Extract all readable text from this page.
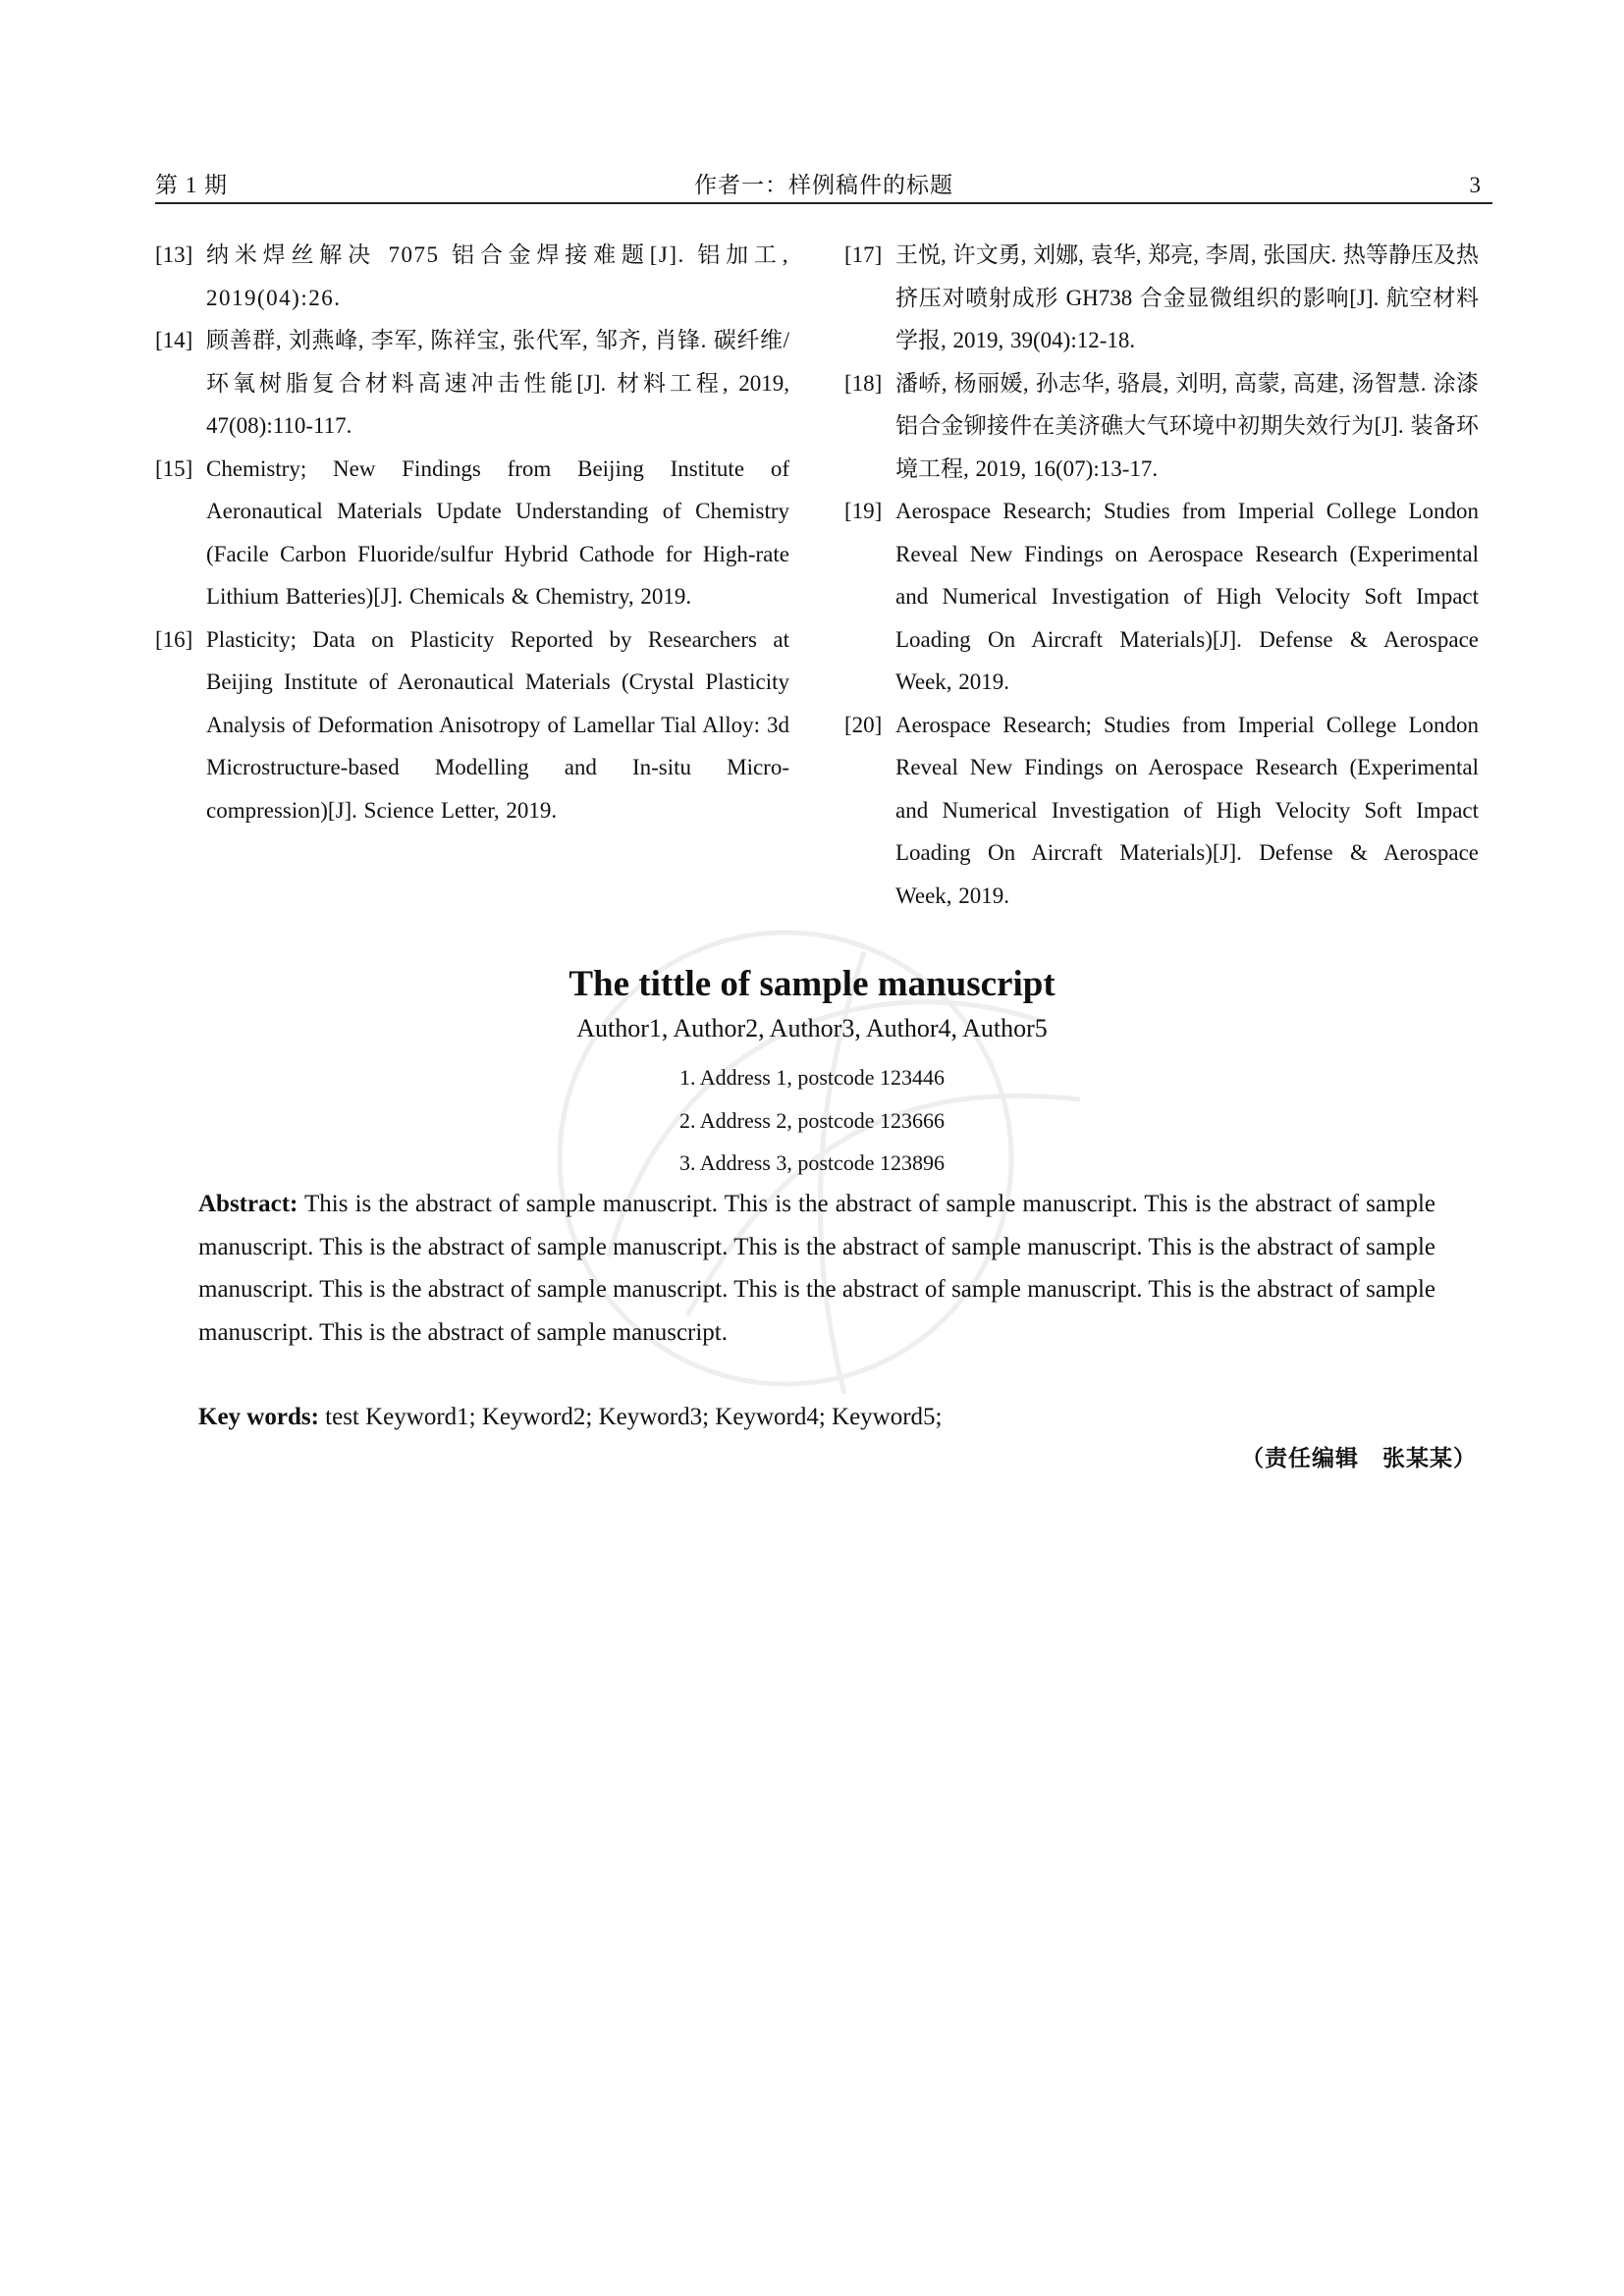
第 1 期	作者一：样例稿件的标题	3
[13] 纳米焊丝解决 7075 铝合金焊接难题[J]. 铝加工, 2019(04):26.
[14] 顾善群, 刘燕峰, 李军, 陈祥宝, 张代军, 邹齐, 肖锋. 碳纤维/环氧树脂复合材料高速冲击性能[J]. 材料工程, 2019, 47(08):110-117.
[15] Chemistry; New Findings from Beijing Institute of Aeronautical Materials Update Understanding of Chemistry (Facile Carbon Fluoride/sulfur Hybrid Cathode for High-rate Lithium Batteries)[J]. Chemicals & Chemistry, 2019.
[16] Plasticity; Data on Plasticity Reported by Researchers at Beijing Institute of Aeronautical Materials (Crystal Plasticity Analysis of Deformation Anisotropy of Lamellar Tial Alloy: 3d Microstructure-based Modelling and In-situ Micro-compression)[J]. Science Letter, 2019.
[17] 王悦, 许文勇, 刘娜, 袁华, 郑亮, 李周, 张国庆. 热等静压及热挤压对喷射成形 GH738 合金显微组织的影响[J]. 航空材料学报, 2019, 39(04):12-18.
[18] 潘峤, 杨丽媛, 孙志华, 骆晨, 刘明, 高蒙, 高建, 汤智慧. 涂漆铝合金铆接件在美济礁大气环境中初期失效行为[J]. 装备环境工程, 2019, 16(07):13-17.
[19] Aerospace Research; Studies from Imperial College London Reveal New Findings on Aerospace Research (Experimental and Numerical Investigation of High Velocity Soft Impact Loading On Aircraft Materials)[J]. Defense & Aerospace Week, 2019.
[20] Aerospace Research; Studies from Imperial College London Reveal New Findings on Aerospace Research (Experimental and Numerical Investigation of High Velocity Soft Impact Loading On Aircraft Materials)[J]. Defense & Aerospace Week, 2019.
The tittle of sample manuscript
Author1, Author2, Author3, Author4, Author5
1. Address 1, postcode 123446
2. Address 2, postcode 123666
3. Address 3, postcode 123896

Abstract: This is the abstract of sample manuscript. This is the abstract of sample manuscript. This is the abstract of sample manuscript. This is the abstract of sample manuscript. This is the abstract of sample manuscript. This is the abstract of sample manuscript. This is the abstract of sample manuscript. This is the abstract of sample manuscript. This is the abstract of sample manuscript. This is the abstract of sample manuscript.

Key words: test Keyword1; Keyword2; Keyword3; Keyword4; Keyword5;

（责任编辑　张某某）
